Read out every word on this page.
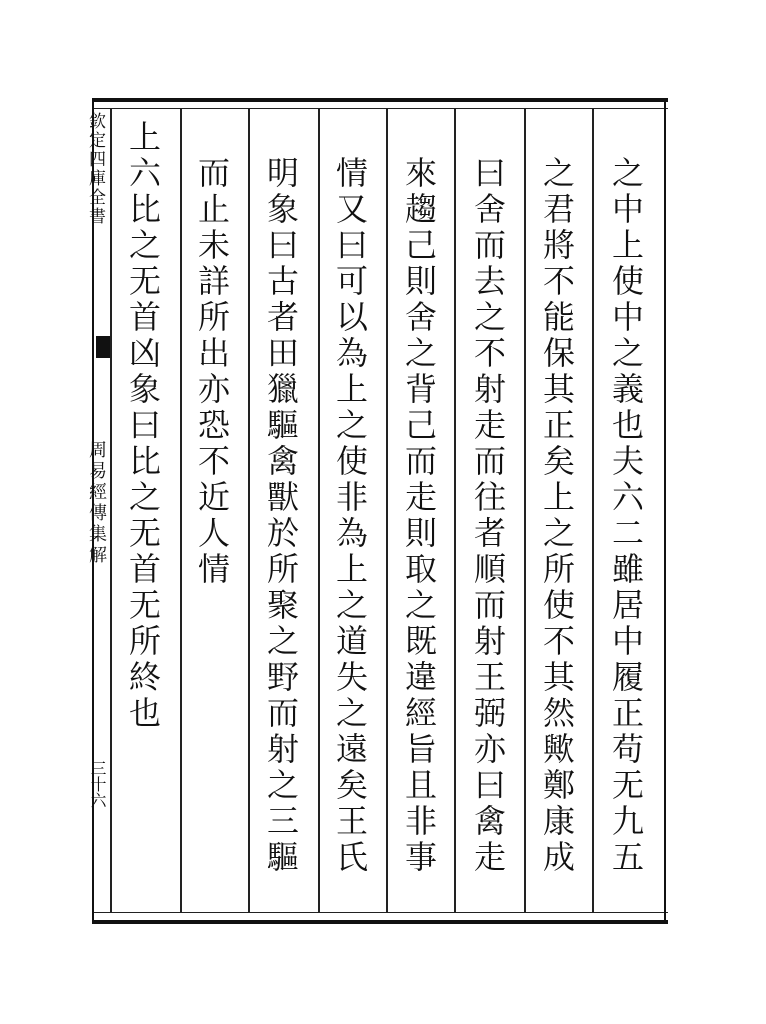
欽定四庫全書
周易經傳集解
三十六	之中上使中之義也夫六二雖居中履正苟无九五
之君將不能保其正矣上之所使不其然歟鄭康成
曰舍而去之不射走而往者順而射王弼亦曰禽走
來趨己則舍之背己而走則取之既違經旨且非事
情又曰可以為上之使非為上之道失之遠矣王氏
明象曰古者田獵驅禽獸於所聚之野而射之三驅
而止未詳所出亦恐不近人情
上六比之无首凶象曰比之无首无所終也
